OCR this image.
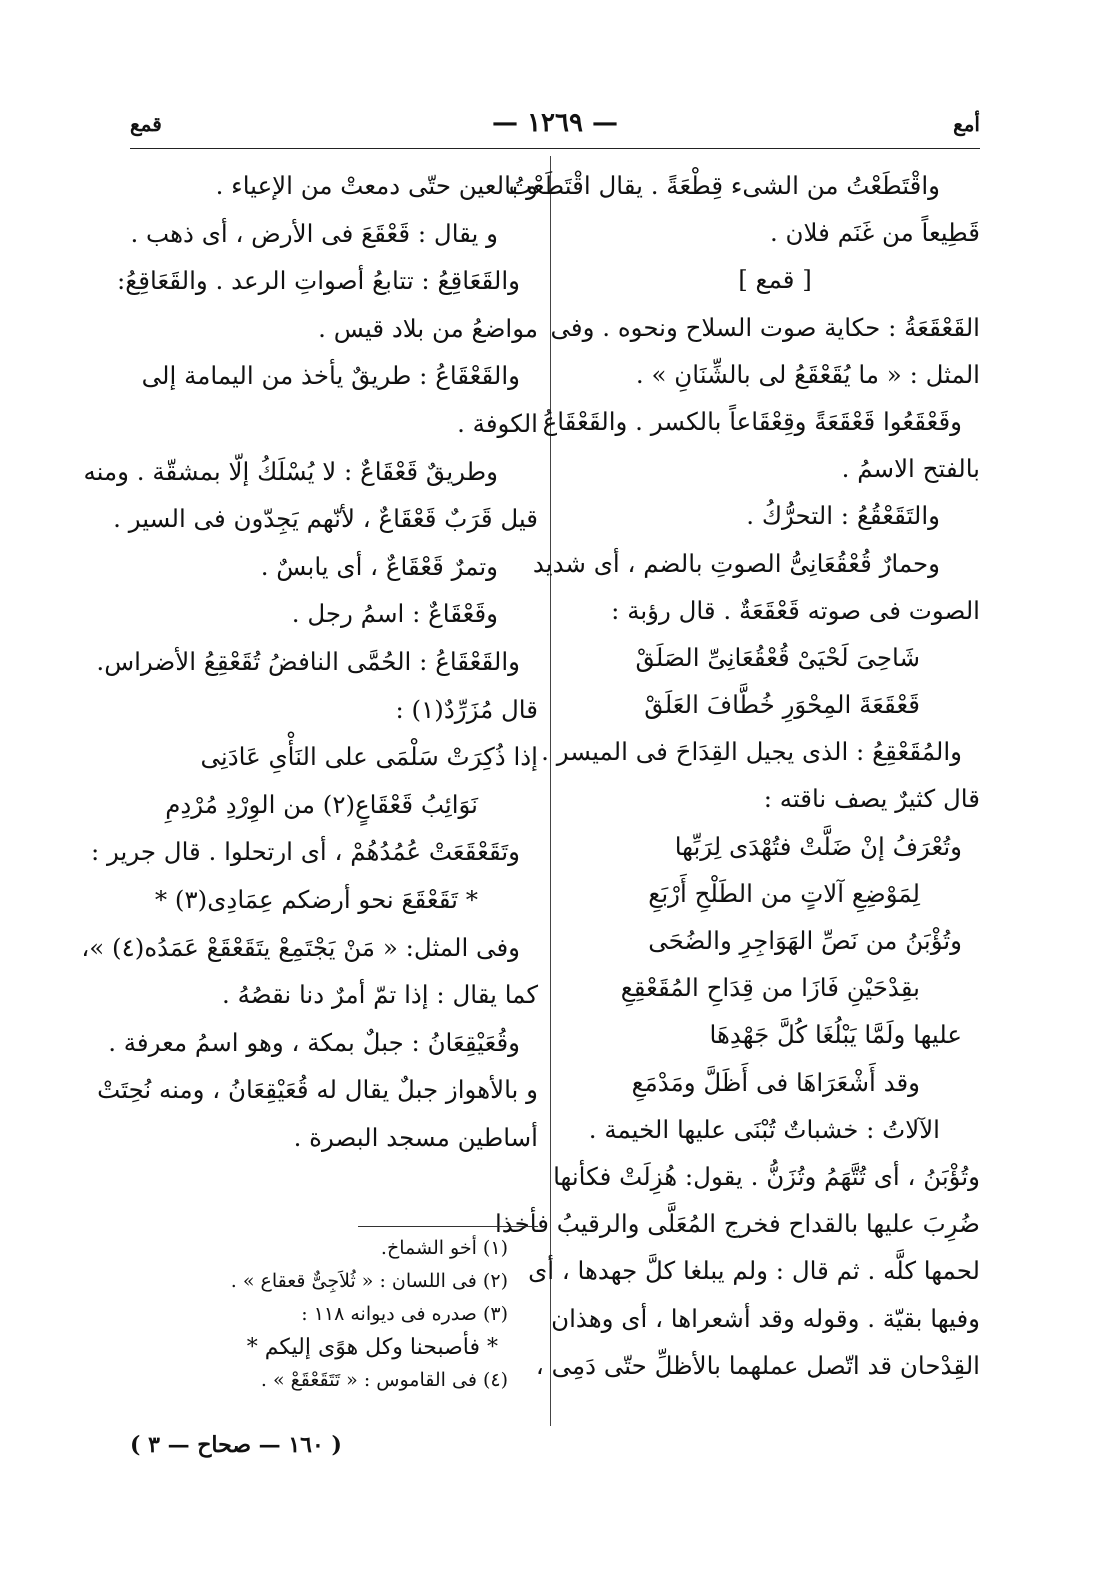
أمع
— ١٢٦٩ —
قمع
واقْتَطَعْتُ من الشىء قِطْعَةً . يقال اقْتَطَعْتُ
قَطِيعاً من غَنَم فلان .
[ قمع ]
القَعْقَعَةُ : حكاية صوت السلاح ونحوه . وفى
المثل : « ما يُقَعْقَعُ لى بالشِّنَانِ » .
وقَعْقَعُوا قَعْقَعَةً وقِعْقَاعاً بالكسر . والقَعْقَاعُ
بالفتح الاسمُ .
والتَقَعْقُعُ : التحرُّكُ .
وحمارٌ قُعْقُعَانِىُّ الصوتِ بالضم ، أى شديد
الصوت فى صوته قَعْقَعَةٌ . قال رؤبة :
شَاحِىَ لَحْيَىْ قُعْقُعَانِىِّ الصَلَقْ
قَعْقَعَةَ المِحْوَرِ خُطَّافَ العَلَقْ
والمُقَعْقِعُ : الذى يجيل القِدَاحَ فى الميسر .
قال كثيرٌ يصف ناقته :
وتُعْرَفُ إنْ ضَلَّتْ فتُهْدَى لِرَبِّها
لِمَوْضِعِ آلاتٍ من الطَلْحِ أَرْبَعِ
وتُؤْبَنُ من نَصِّ الهَوَاجِرِ والضُحَى
بقِدْحَيْنِ فَازَا من قِدَاحِ المُقَعْقِعِ
عليها ولَمَّا يَبْلُغَا كُلَّ جَهْدِهَا
وقد أَشْعَرَاهَا فى أَظَلَّ ومَدْمَعِ
الآلاتُ : خشباتٌ تُبْنَى عليها الخيمة .
وتُؤْبَنُ ، أى تُتَّهَمُ وتُزَنُّ . يقول: هُزِلَتْ فكأنها
ضُرِبَ عليها بالقداح فخرج المُعَلَّى والرقيبُ فأخذا
لحمها كلَّه . ثم قال : ولم يبلغا كلَّ جهدها ، أى
وفيها بقيّة . وقوله وقد أشعراها ، أى وهذان
القِدْحان قد اتّصل عملهما بالأظلِّ حتّى دَمِى ،
و بالعين حتّى دمعتْ من الإعياء .
و يقال : قَعْقَعَ فى الأرض ، أى ذهب .
والقَعَاقِعُ : تتابعُ أصواتِ الرعد . والقَعَاقِعُ:
مواضعُ من بلاد قيس .
والقَعْقَاعُ : طريقٌ يأخذ من اليمامة إلى
الكوفة .
وطريقٌ قَعْقَاعٌ : لا يُسْلَكُ إلّا بمشقّة . ومنه
قيل قَرَبٌ قَعْقَاعٌ ، لأنّهم يَجِدّون فى السير .
وتمرٌ قَعْقَاعٌ ، أى يابسٌ .
وقَعْقَاعٌ : اسمُ رجل .
والقَعْقَاعُ : الحُمَّى النافضُ تُقَعْقِعُ الأضراس.
قال مُزَرِّدٌ(١) :
إذا ذُكِرَتْ سَلْمَى على النَأْىِ عَادَنِى
نَوَائِبُ قَعْقَاعٍ(٢) من الوِرْدِ مُرْدِمِ
وتَقَعْقَعَتْ عُمُدُهُمْ ، أى ارتحلوا . قال جرير :
* تَقَعْقَعَ نحو أرضكم عِمَادِى(٣) *
وفى المثل: « مَنْ يَجْتَمِعْ يتَقَعْقَعْ عَمَدُه(٤) »،
كما يقال : إذا تمّ أمرٌ دنا نقصُهُ .
وقُعَيْقِعَانُ : جبلٌ بمكة ، وهو اسمُ معرفة .
و بالأهواز جبلٌ يقال له قُعَيْقِعَانُ ، ومنه نُحِتَتْ
أساطين مسجد البصرة .
(١) أخو الشماخ.
(٢) فى اللسان : « ثُلاَجِىٌّ قعقاع » .
(٣) صدره فى ديوانه ١١٨ :
* فأصبحنا وكل هوًى إليكم *
(٤) فى القاموس : « تَتَقَعْقَعْ » .
( ١٦٠ — صحاح — ٣ )
